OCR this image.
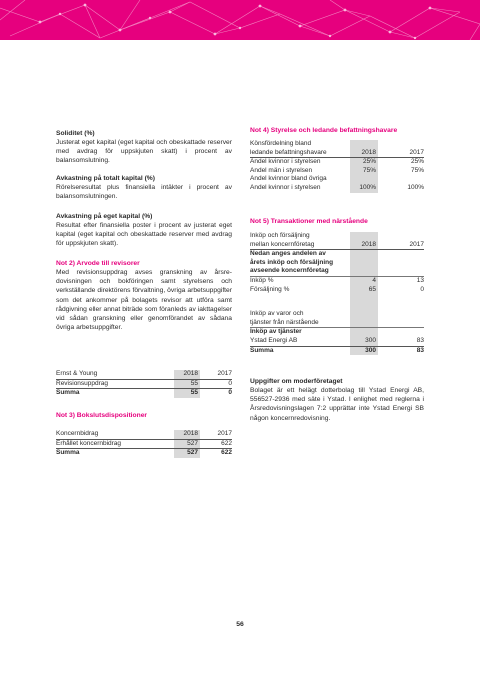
Soliditet (%)
Justerat eget kapital (eget kapital och obeskattade reserver med avdrag för uppskjuten skatt) i procent av balansomslutning.
Avkastning på totalt kapital (%)
Rörelseresultat plus finansiella intäkter i procent av balansomslutningen.
Avkastning på eget kapital (%)
Resultat efter finansiella poster i procent av justerat eget kapital (eget kapital och obeskattade reserver med avdrag för uppskjuten skatt).
Not 2) Arvode till revisorer
Med revisionsuppdrag avses granskning av årsredovisningen och bokföringen samt styrelsens och verkställande direktörens förvaltning, övriga arbetsuppgifter som det ankommer på bolagets revisor att utföra samt rådgivning eller annat biträde som föranleds av iakttagelser vid sådan granskning eller genomförandet av sådana övriga arbetsuppgifter.
Ernst & Young	2018	2017
Revisionsuppdrag	55	0
Summa	55	0
Not 3) Bokslutsdispositioner
Koncernbidrag	2018	2017
Erhållet koncernbidrag	527	622
Summa	527	622
Not 4) Styrelse och ledande befattningshavare
Könsfördelning bland		
ledande befattningshavare	2018	2017
Andel kvinnor i styrelsen	25%	25%
Andel män i styrelsen	75%	75%
Andel kvinnor bland övriga		
Andel kvinnor i styrelsen	100%	100%
Not 5) Transaktioner med närstående
Inköp och försäljning		
mellan koncernföretag	2018	2017
Nedan anges andelen av		
årets inköp och försäljning		
avseende koncernföretag		
Inköp %	4	13
Försäljning %	65	0

Inköp av varor och		
tjänster från närstående		
Inköp av tjänster		
Ystad Energi AB	300	83
Summa	300	83
Uppgifter om moderföretaget
Bolaget är ett helägt dotterbolag till Ystad Energi AB, 556527-2936 med säte i Ystad. I enlighet med reglerna i Årsredovisningslagen 7:2 upprättar inte Ystad Energi SB någon koncernredovisning.
56
